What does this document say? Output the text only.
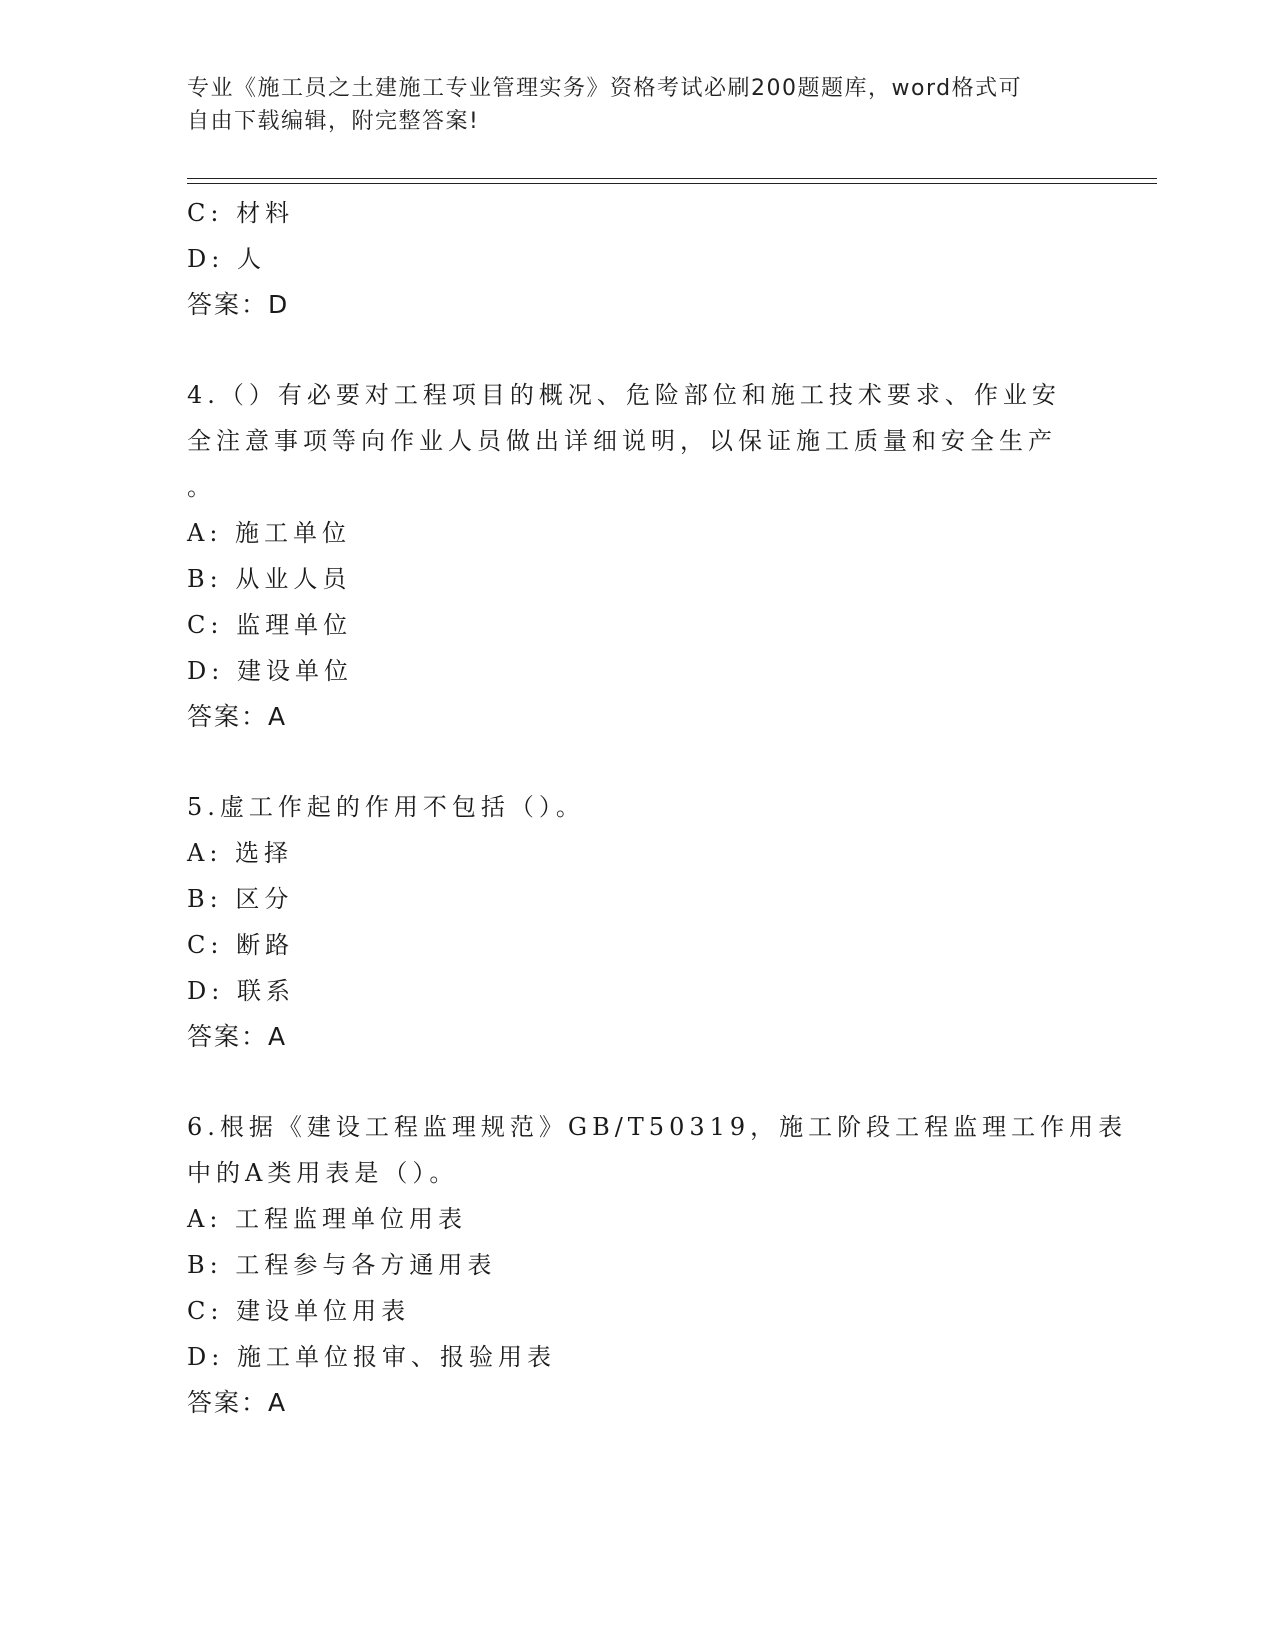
专业《施工员之土建施工专业管理实务》资格考试必刷200题题库，word格式可
自由下载编辑，附完整答案!
C: 材料
D: 人
答案：D
4.（）有必要对工程项目的概况、危险部位和施工技术要求、作业安
全注意事项等向作业人员做出详细说明，以保证施工质量和安全生产
。
A: 施工单位
B: 从业人员
C: 监理单位
D: 建设单位
答案：A
5.虚工作起的作用不包括（）。
A: 选择
B: 区分
C: 断路
D: 联系
答案：A
6.根据《建设工程监理规范》GB/T50319，施工阶段工程监理工作用表
中的A类用表是（）。
A: 工程监理单位用表
B: 工程参与各方通用表
C: 建设单位用表
D: 施工单位报审、报验用表
答案：A
